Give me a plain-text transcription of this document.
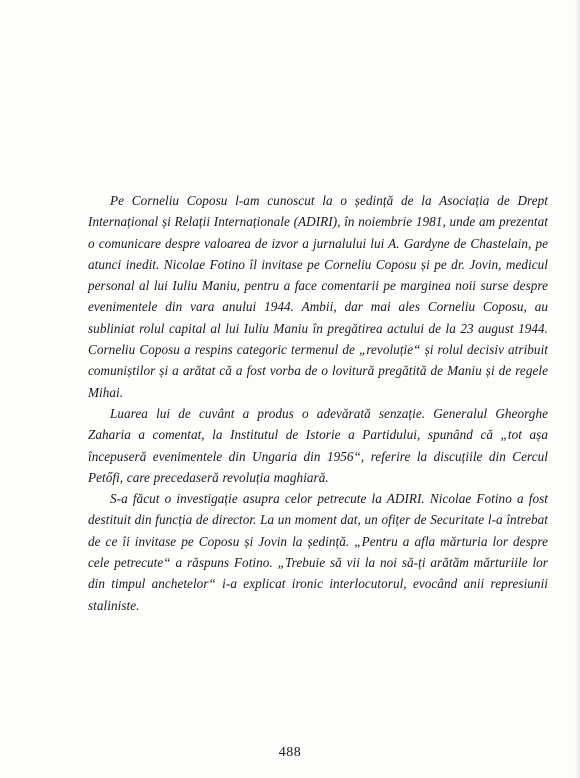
Pe Corneliu Coposu l-am cunoscut la o ședință de la Asociația de Drept Internațional și Relații Internaționale (ADIRI), în noiembrie 1981, unde am prezentat o comunicare despre valoarea de izvor a jurnalului lui A. Gardyne de Chastelain, pe atunci inedit. Nicolae Fotino îl invitase pe Corneliu Coposu și pe dr. Jovin, medicul personal al lui Iuliu Maniu, pentru a face comentarii pe marginea noii surse despre evenimentele din vara anului 1944. Ambii, dar mai ales Corneliu Coposu, au subliniat rolul capital al lui Iuliu Maniu în pregătirea actului de la 23 august 1944. Corneliu Coposu a respins categoric termenul de „revoluție“ și rolul decisiv atribuit comuniștilor și a arătat că a fost vorba de o lovitură pregătită de Maniu și de regele Mihai.

Luarea lui de cuvânt a produs o adevărată senzație. Generalul Gheorghe Zaharia a comentat, la Institutul de Istorie a Partidului, spunând că „tot așa începuseră evenimentele din Ungaria din 1956“, referire la discuțiile din Cercul Petőfi, care precedaseră revoluția maghiară.

S-a făcut o investigație asupra celor petrecute la ADIRI. Nicolae Fotino a fost destituit din funcția de director. La un moment dat, un ofițer de Securitate l-a întrebat de ce îi invitase pe Coposu și Jovin la ședință. „Pentru a afla mărturia lor despre cele petrecute“ a răspuns Fotino. „Trebuie să vii la noi să-ți arătăm mărturiile lor din timpul anchetelor“ i-a explicat ironic interlocutorul, evocând anii represiunii staliniste.

488
